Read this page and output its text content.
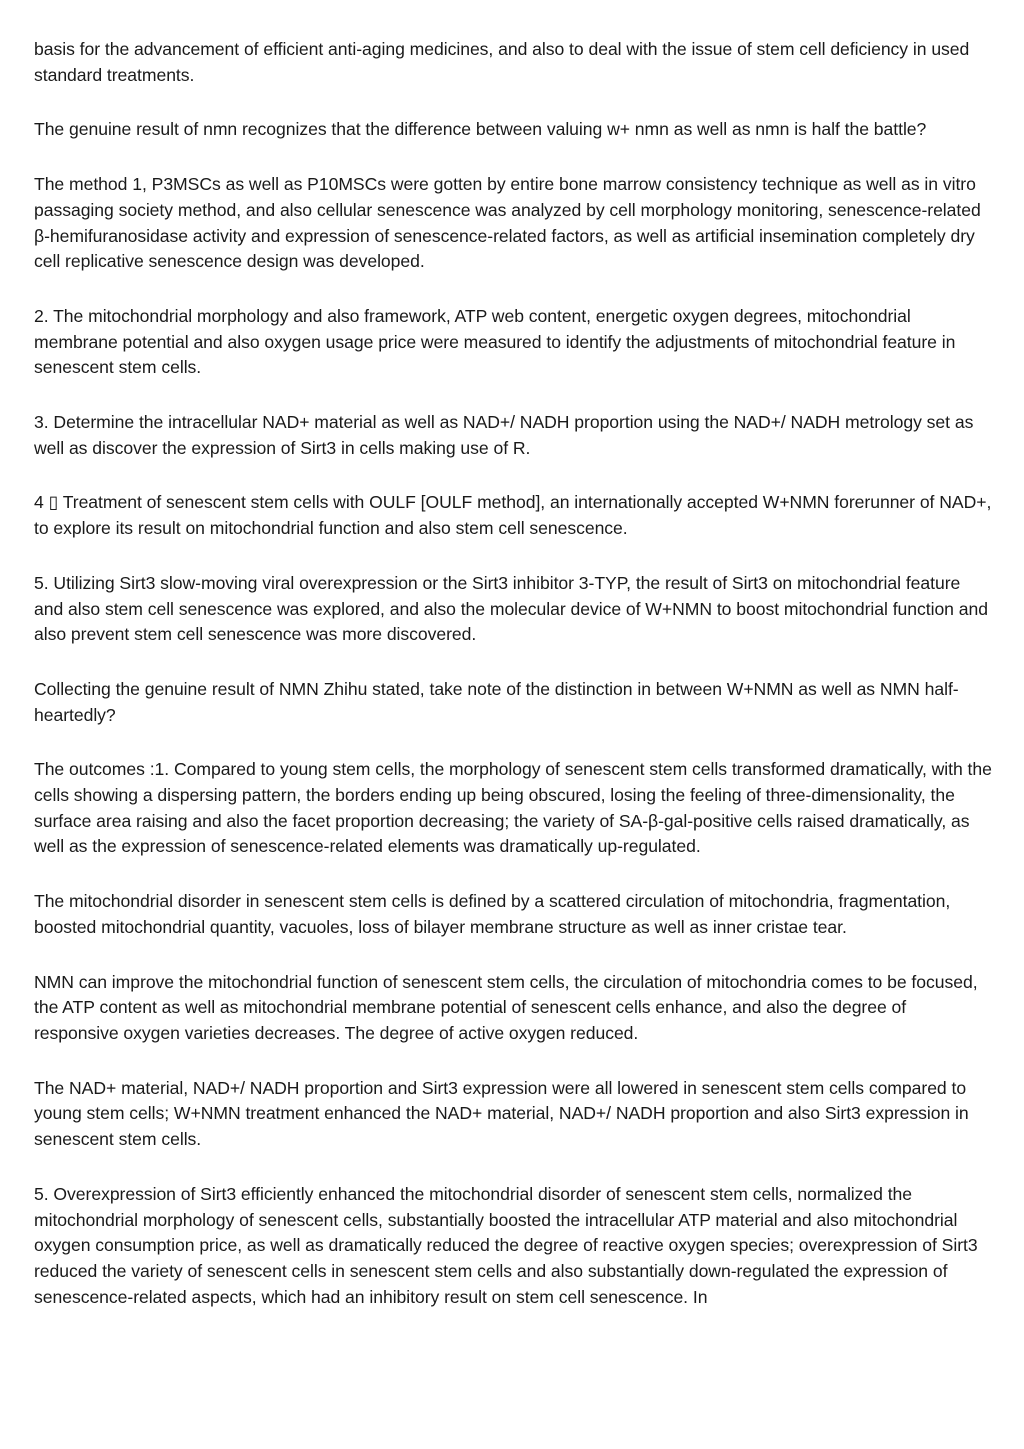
basis for the advancement of efficient anti-aging medicines, and also to deal with the issue of stem cell deficiency in used standard treatments.

The genuine result of nmn recognizes that the difference between valuing w+ nmn as well as nmn is half the battle?

The method 1, P3MSCs as well as P10MSCs were gotten by entire bone marrow consistency technique as well as in vitro passaging society method, and also cellular senescence was analyzed by cell morphology monitoring, senescence-related β-hemifuranosidase activity and expression of senescence-related factors, as well as artificial insemination completely dry cell replicative senescence design was developed.

2. The mitochondrial morphology and also framework, ATP web content, energetic oxygen degrees, mitochondrial membrane potential and also oxygen usage price were measured to identify the adjustments of mitochondrial feature in senescent stem cells.

3. Determine the intracellular NAD+ material as well as NAD+/ NADH proportion using the NAD+/ NADH metrology set as well as discover the expression of Sirt3 in cells making use of R.

4 ▯ Treatment of senescent stem cells with OULF [OULF method], an internationally accepted W+NMN forerunner of NAD+, to explore its result on mitochondrial function and also stem cell senescence.

5. Utilizing Sirt3 slow-moving viral overexpression or the Sirt3 inhibitor 3-TYP, the result of Sirt3 on mitochondrial feature and also stem cell senescence was explored, and also the molecular device of W+NMN to boost mitochondrial function and also prevent stem cell senescence was more discovered.

Collecting the genuine result of NMN Zhihu stated, take note of the distinction in between W+NMN as well as NMN half-heartedly?

The outcomes :1. Compared to young stem cells, the morphology of senescent stem cells transformed dramatically, with the cells showing a dispersing pattern, the borders ending up being obscured, losing the feeling of three-dimensionality, the surface area raising and also the facet proportion decreasing; the variety of SA-β-gal-positive cells raised dramatically, as well as the expression of senescence-related elements was dramatically up-regulated.

The mitochondrial disorder in senescent stem cells is defined by a scattered circulation of mitochondria, fragmentation, boosted mitochondrial quantity, vacuoles, loss of bilayer membrane structure as well as inner cristae tear.

NMN can improve the mitochondrial function of senescent stem cells, the circulation of mitochondria comes to be focused, the ATP content as well as mitochondrial membrane potential of senescent cells enhance, and also the degree of responsive oxygen varieties decreases. The degree of active oxygen reduced.

The NAD+ material, NAD+/ NADH proportion and Sirt3 expression were all lowered in senescent stem cells compared to young stem cells; W+NMN treatment enhanced the NAD+ material, NAD+/ NADH proportion and also Sirt3 expression in senescent stem cells.

5. Overexpression of Sirt3 efficiently enhanced the mitochondrial disorder of senescent stem cells, normalized the mitochondrial morphology of senescent cells, substantially boosted the intracellular ATP material and also mitochondrial oxygen consumption price, as well as dramatically reduced the degree of reactive oxygen species; overexpression of Sirt3 reduced the variety of senescent cells in senescent stem cells and also substantially down-regulated the expression of senescence-related aspects, which had an inhibitory result on stem cell senescence. In
